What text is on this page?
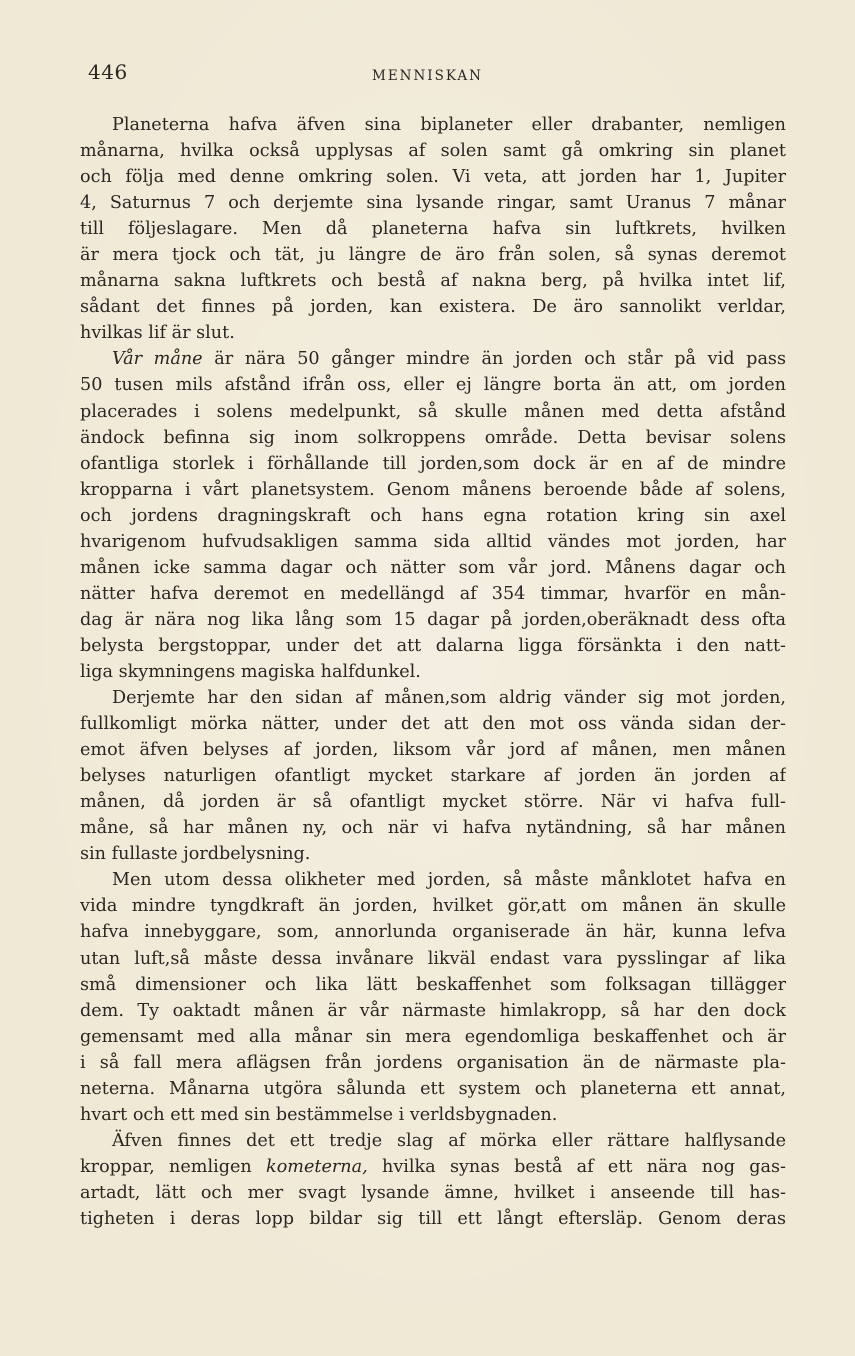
446	MENNISKAN
Planeterna hafva äfven sina biplaneter eller drabanter, nemligen
månarna, hvilka också upplysas af solen samt gå omkring sin planet
och följa med denne omkring solen. Vi veta, att jorden har 1, Jupiter
4, Saturnus 7 och derjemte sina lysande ringar, samt Uranus 7 månar
till följeslagare. Men då planeterna hafva sin luftkrets, hvilken
är mera tjock och tät, ju längre de äro från solen, så synas deremot
månarna sakna luftkrets och bestå af nakna berg, på hvilka intet lif,
sådant det finnes på jorden, kan existera. De äro sannolikt verldar,
hvilkas lif är slut.
Vår måne är nära 50 gånger mindre än jorden och står på vid pass
50 tusen mils afstånd ifrån oss, eller ej längre borta än att, om jorden
placerades i solens medelpunkt, så skulle månen med detta afstånd
ändock befinna sig inom solkroppens område. Detta bevisar solens
ofantliga storlek i förhållande till jorden,som dock är en af de mindre
kropparna i vårt planetsystem. Genom månens beroende både af solens,
och jordens dragningskraft och hans egna rotation kring sin axel
hvarigenom hufvudsakligen samma sida alltid vändes mot jorden, har
månen icke samma dagar och nätter som vår jord. Månens dagar och
nätter hafva deremot en medellängd af 354 timmar, hvarför en mån-
dag är nära nog lika lång som 15 dagar på jorden,oberäknadt dess ofta
belysta bergstoppar, under det att dalarna ligga försänkta i den natt-
liga skymningens magiska halfdunkel.
Derjemte har den sidan af månen,som aldrig vänder sig mot jorden,
fullkomligt mörka nätter, under det att den mot oss vända sidan der-
emot äfven belyses af jorden, liksom vår jord af månen, men månen
belyses naturligen ofantligt mycket starkare af jorden än jorden af
månen, då jorden är så ofantligt mycket större. När vi hafva full-
måne, så har månen ny, och när vi hafva nytändning, så har månen
sin fullaste jordbelysning.
Men utom dessa olikheter med jorden, så måste månklotet hafva en
vida mindre tyngdkraft än jorden, hvilket gör,att om månen än skulle
hafva innebyggare, som, annorlunda organiserade än här, kunna lefva
utan luft,så måste dessa invånare likväl endast vara pysslingar af lika
små dimensioner och lika lätt beskaffenhet som folksagan tillägger
dem. Ty oaktadt månen är vår närmaste himlakropp, så har den dock
gemensamt med alla månar sin mera egendomliga beskaffenhet och är
i så fall mera aflägsen från jordens organisation än de närmaste pla-
neterna. Månarna utgöra sålunda ett system och planeterna ett annat,
hvart och ett med sin bestämmelse i verldsbygnaden.
Äfven finnes det ett tredje slag af mörka eller rättare halflysande
kroppar, nemligen kometerna, hvilka synas bestå af ett nära nog gas-
artadt, lätt och mer svagt lysande ämne, hvilket i anseende till has-
tigheten i deras lopp bildar sig till ett långt eftersläp. Genom deras
